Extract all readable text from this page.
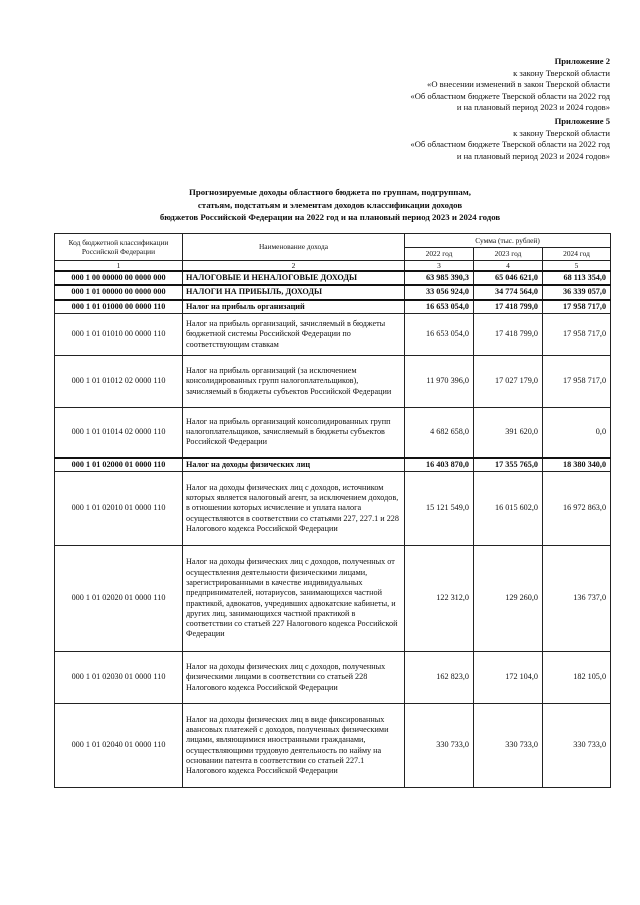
Приложение 2
к закону Тверской области
«О внесении изменений в закон Тверской области
«Об областном бюджете Тверской области на 2022 год
и на плановый период 2023 и 2024 годов»
Приложение 5
к закону Тверской области
«Об областном бюджете Тверской области на 2022 год
и на плановый период 2023 и 2024 годов»
Прогнозируемые доходы областного бюджета по группам, подгруппам,
статьям, подстатьям и элементам доходов классификации доходов
бюджетов Российской Федерации на 2022 год и на плановый период 2023 и 2024 годов
Код бюджетной классификации Российской Федерации	Наименование дохода	Сумма (тыс. рублей)		
		2022 год	2023 год	2024 год
1	2	3	4	5
000 1 00 00000 00 0000 000	НАЛОГОВЫЕ И НЕНАЛОГОВЫЕ ДОХОДЫ	63 985 390,3	65 046 621,0	68 113 354,0
000 1 01 00000 00 0000 000	НАЛОГИ НА ПРИБЫЛЬ, ДОХОДЫ	33 056 924,0	34 774 564,0	36 339 057,0
000 1 01 01000 00 0000 110	Налог на прибыль организаций	16 653 054,0	17 418 799,0	17 958 717,0
000 1 01 01010 00 0000 110	Налог на прибыль организаций, зачисляемый в бюджеты бюджетной системы Российской Федерации по соответствующим ставкам	16 653 054,0	17 418 799,0	17 958 717,0
000 1 01 01012 02 0000 110	Налог на прибыль организаций (за исключением консолидированных групп налогоплательщиков), зачисляемый в бюджеты субъектов Российской Федерации	11 970 396,0	17 027 179,0	17 958 717,0
000 1 01 01014 02 0000 110	Налог на прибыль организаций консолидированных групп налогоплательщиков, зачисляемый в бюджеты субъектов Российской Федерации	4 682 658,0	391 620,0	0,0
000 1 01 02000 01 0000 110	Налог на доходы физических лиц	16 403 870,0	17 355 765,0	18 380 340,0
000 1 01 02010 01 0000 110	Налог на доходы физических лиц с доходов, источником которых является налоговый агент, за исключением доходов, в отношении которых исчисление и уплата налога осуществляются в соответствии со статьями 227, 227.1 и 228 Налогового кодекса Российской Федерации	15 121 549,0	16 015 602,0	16 972 863,0
000 1 01 02020 01 0000 110	Налог на доходы физических лиц с доходов, полученных от осуществления деятельности физическими лицами, зарегистрированными в качестве индивидуальных предпринимателей, нотариусов, занимающихся частной практикой, адвокатов, учредивших адвокатские кабинеты, и других лиц, занимающихся частной практикой в соответствии со статьей 227 Налогового кодекса Российской Федерации	122 312,0	129 260,0	136 737,0
000 1 01 02030 01 0000 110	Налог на доходы физических лиц с доходов, полученных физическими лицами в соответствии со статьей 228 Налогового кодекса Российской Федерации	162 823,0	172 104,0	182 105,0
000 1 01 02040 01 0000 110	Налог на доходы физических лиц в виде фиксированных авансовых платежей с доходов, полученных физическими лицами, являющимися иностранными гражданами, осуществляющими трудовую деятельность по найму на основании патента в соответствии со статьей 227.1 Налогового кодекса Российской Федерации	330 733,0	330 733,0	330 733,0
